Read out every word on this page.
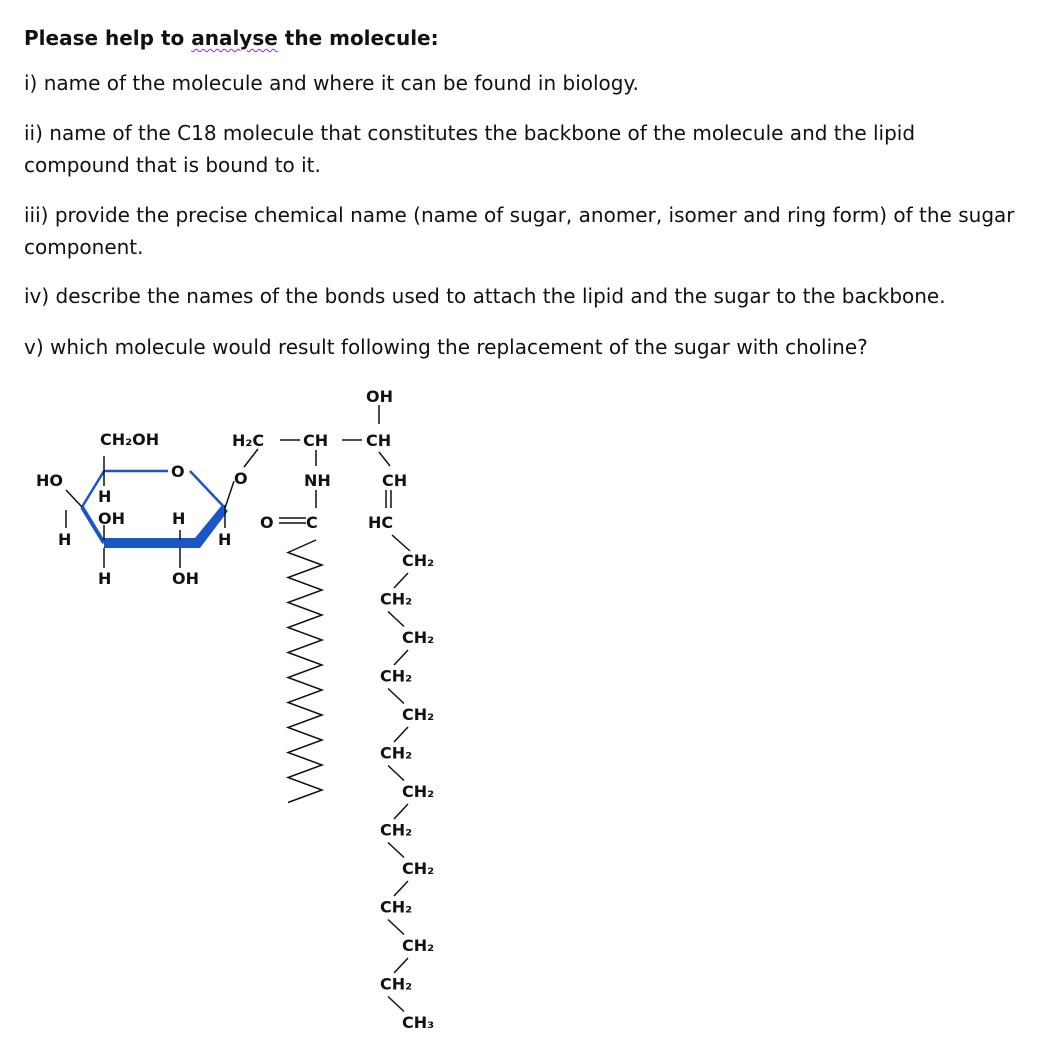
Please help to analyse the molecule:
i) name of the molecule and where it can be found in biology.
ii) name of the C18 molecule that constitutes the backbone of the molecule and the lipid compound that is bound to it.
iii) provide the precise chemical name (name of sugar, anomer, isomer and ring form) of the sugar component.
iv) describe the names of the bonds used to attach the lipid and the sugar to the backbone.
v) which molecule would result following the replacement of the sugar with choline?
CH₂OH
O
HO
H
OH	H
H	H
H	OH
H₂C CH CH
OH
O	NH
O C
CH
HC
CH₂
CH₂
CH₂
CH₂
CH₂
CH₂
CH₂
CH₂
CH₂
CH₂
CH₂
CH₂
CH₃
